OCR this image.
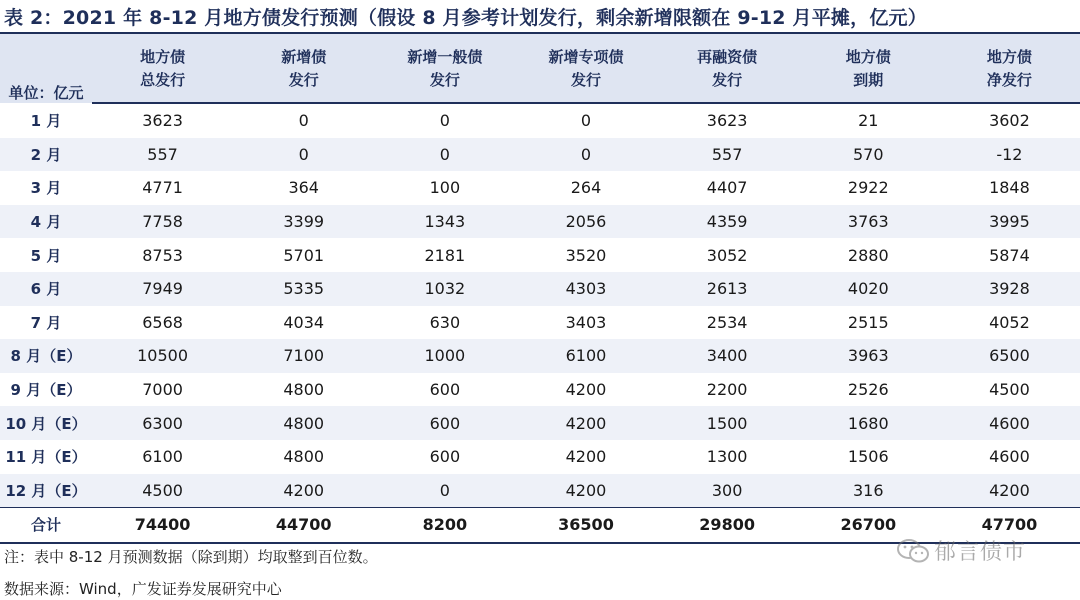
表 2：2021 年 8-12 月地方债发行预测（假设 8 月参考计划发行，剩余新增限额在 9-12 月平摊，亿元）
单位：亿元	地方债	新增债	新增一般债	新增专项债	再融资债	地方债	地方债
	总发行	发行	发行	发行	发行	到期	净发行
1 月	3623	0	0	0	3623	21	3602
2 月	557	0	0	0	557	570	-12
3 月	4771	364	100	264	4407	2922	1848
4 月	7758	3399	1343	2056	4359	3763	3995
5 月	8753	5701	2181	3520	3052	2880	5874
6 月	7949	5335	1032	4303	2613	4020	3928
7 月	6568	4034	630	3403	2534	2515	4052
8 月（E）	10500	7100	1000	6100	3400	3963	6500
9 月（E）	7000	4800	600	4200	2200	2526	4500
10 月（E）	6300	4800	600	4200	1500	1680	4600
11 月（E）	6100	4800	600	4200	1300	1506	4600
12 月（E）	4500	4200	0	4200	300	316	4200
合计	74400	44700	8200	36500	29800	26700	47700
注：表中 8-12 月预测数据（除到期）均取整到百位数。
数据来源：Wind，广发证券发展研究中心
郁言债市
